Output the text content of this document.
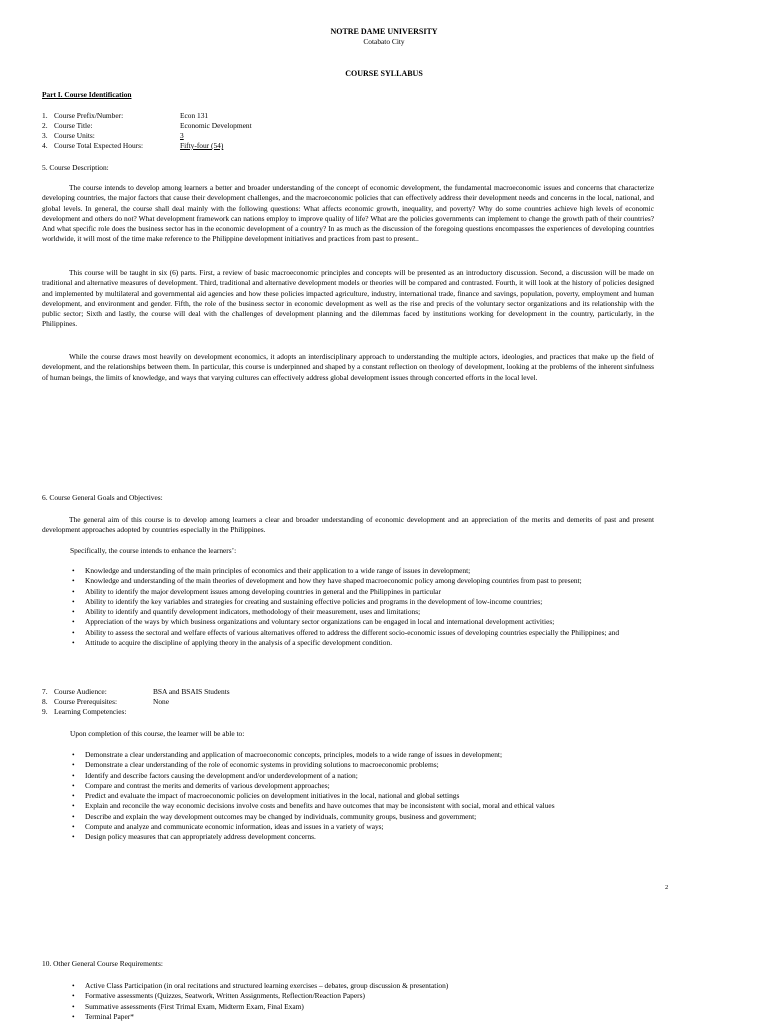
NOTRE DAME UNIVERSITY
Cotabato City
COURSE SYLLABUS
Part I. Course Identification
1. Course Prefix/Number:	Econ 131
2. Course Title:	Economic Development
3. Course Units:	3
4. Course Total Expected Hours:	Fifty-four (54)
5. Course Description:
The course intends to develop among learners a better and broader understanding of the concept of economic development, the fundamental macroeconomic issues and concerns that characterize developing countries, the major factors that cause their development challenges, and the macroeconomic policies that can effectively address their development needs and concerns in the local, national, and global levels. In general, the course shall deal mainly with the following questions: What affects economic growth, inequality, and poverty? Why do some countries achieve high levels of economic development and others do not? What development framework can nations employ to improve quality of life? What are the policies governments can implement to change the growth path of their countries? And what specific role does the business sector has in the economic development of a country? In as much as the discussion of the foregoing questions encompasses the experiences of developing countries worldwide, it will most of the time make reference to the Philippine development initiatives and practices from past to present..
This course will be taught in six (6) parts. First, a review of basic macroeconomic principles and concepts will be presented as an introductory discussion. Second, a discussion will be made on traditional and alternative measures of development. Third, traditional and alternative development models or theories will be compared and contrasted. Fourth, it will look at the history of policies designed and implemented by multilateral and governmental aid agencies and how these policies impacted agriculture, industry, international trade, finance and savings, population, poverty, employment and human development, and environment and gender. Fifth, the role of the business sector in economic development as well as the rise and precis of the voluntary sector organizations and its relationship with the public sector; Sixth and lastly, the course will deal with the challenges of development planning and the dilemmas faced by institutions working for development in the country, particularly, in the Philippines.
While the course draws most heavily on development economics, it adopts an interdisciplinary approach to understanding the multiple actors, ideologies, and practices that make up the field of development, and the relationships between them. In particular, this course is underpinned and shaped by a constant reflection on theology of development, looking at the problems of the inherent sinfulness of human beings, the limits of knowledge, and ways that varying cultures can effectively address global development issues through concerted efforts in the local level.
6. Course General Goals and Objectives:
The general aim of this course is to develop among learners a clear and broader understanding of economic development and an appreciation of the merits and demerits of past and present development approaches adopted by countries especially in the Philippines.
Specifically, the course intends to enhance the learners’:
• Knowledge and understanding of the main principles of economics and their application to a wide range of issues in development;
• Knowledge and understanding of the main theories of development and how they have shaped macroeconomic policy among developing countries from past to present;
• Ability to identify the major development issues among developing countries in general and the Philippines in particular
• Ability to identify the key variables and strategies for creating and sustaining effective policies and programs in the development of low-income countries;
• Ability to identify and quantify development indicators, methodology of their measurement, uses and limitations;
• Appreciation of the ways by which business organizations and voluntary sector organizations can be engaged in local and international development activities;
• Ability to assess the sectoral and welfare effects of various alternatives offered to address the different socio-economic issues of developing countries especially the Philippines; and
• Attitude to acquire the discipline of applying theory in the analysis of a specific development condition.
7. Course Audience:	BSA and BSAIS Students
8. Course Prerequisites:	None
9. Learning Competencies:
Upon completion of this course, the learner will be able to:
• Demonstrate a clear understanding and application of macroeconomic concepts, principles, models to a wide range of issues in development;
• Demonstrate a clear understanding of the role of economic systems in providing solutions to macroeconomic problems;
• Identify and describe factors causing the development and/or underdevelopment of a nation;
• Compare and contrast the merits and demerits of various development approaches;
• Predict and evaluate the impact of macroeconomic policies on development initiatives in the local, national and global settings
• Explain and reconcile the way economic decisions involve costs and benefits and have outcomes that may be inconsistent with social, moral and ethical values
• Describe and explain the way development outcomes may be changed by individuals, community groups, business and government;
• Compute and analyze and communicate economic information, ideas and issues in a variety of ways;
• Design policy measures that can appropriately address development concerns.
2
10. Other General Course Requirements:
• Active Class Participation (in oral recitations and structured learning exercises – debates, group discussion & presentation)
• Formative assessments (Quizzes, Seatwork, Written Assignments, Reflection/Reaction Papers)
• Summative assessments (First Trimal Exam, Midterm Exam, Final Exam)
• Terminal Paper*
